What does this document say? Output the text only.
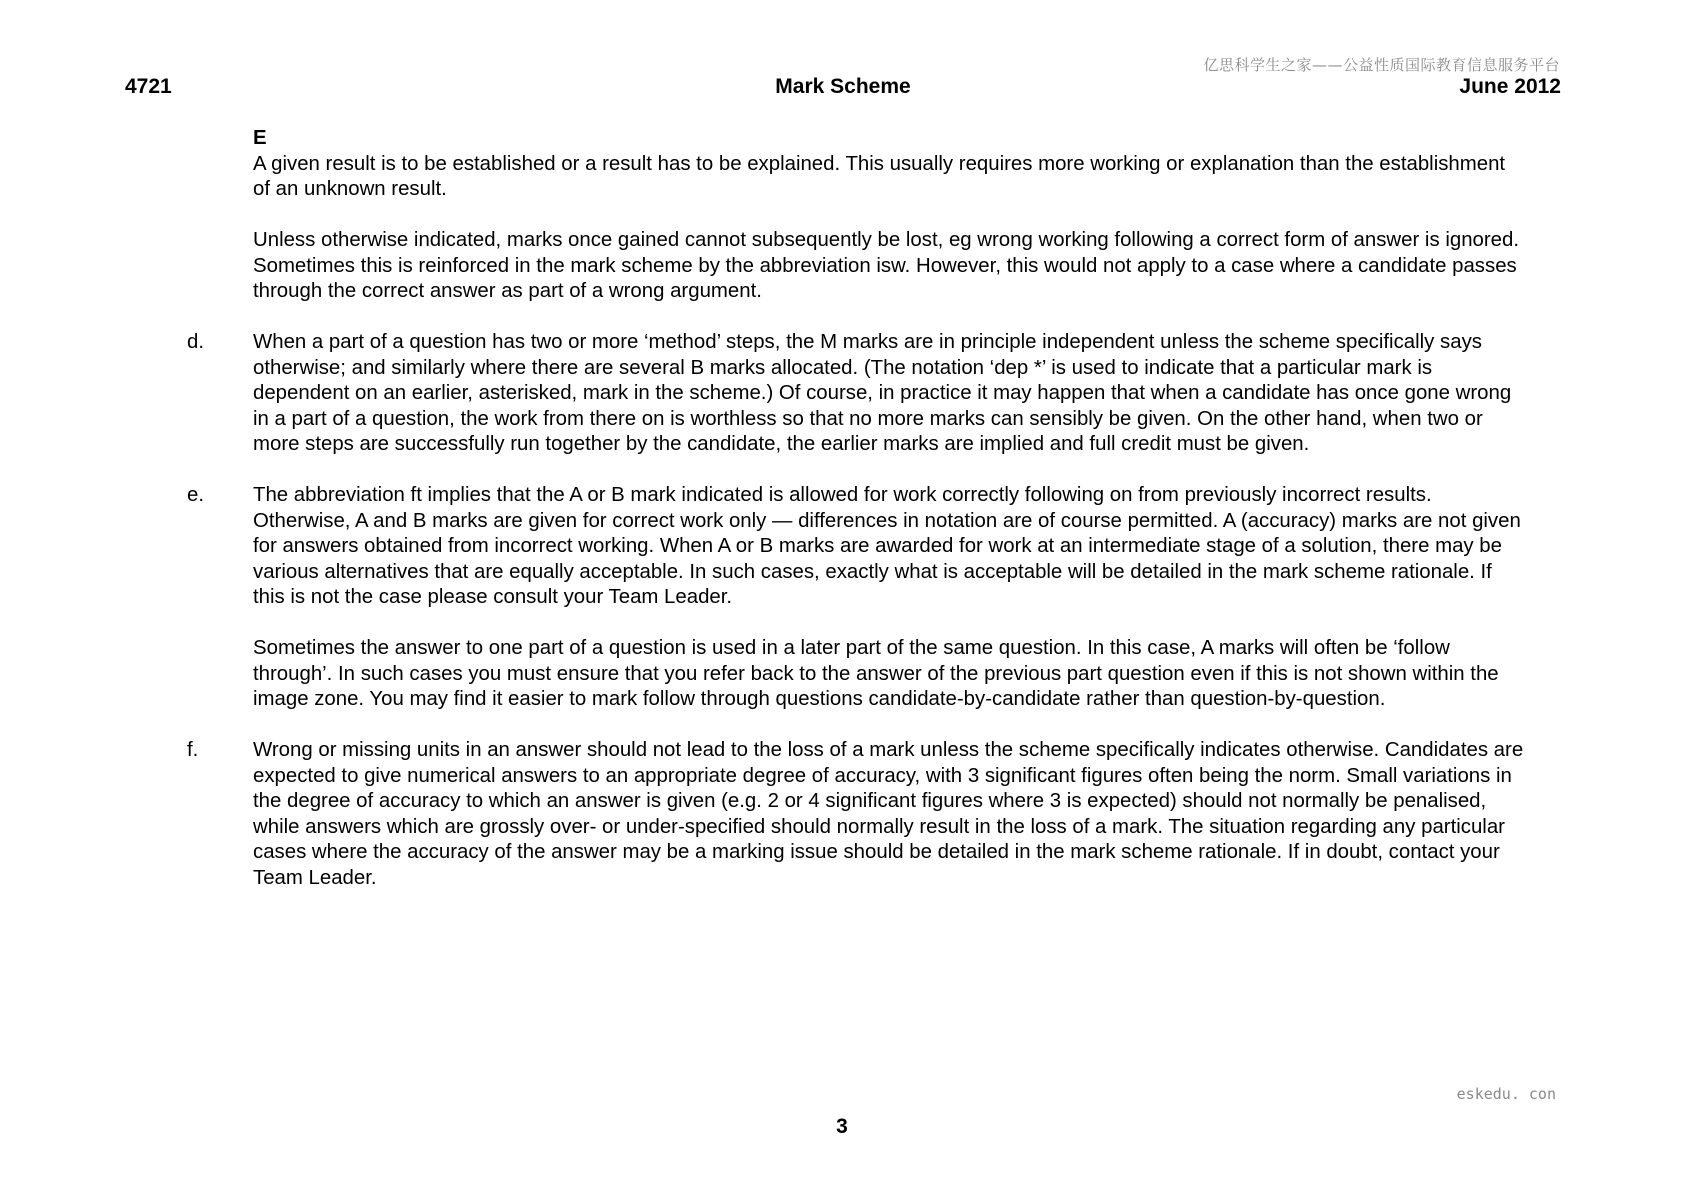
亿思科学生之家——公益性质国际教育信息服务平台
4721	Mark Scheme	June 2012

E

A given result is to be established or a result has to be explained. This usually requires more working or explanation than the establishment of an unknown result.

Unless otherwise indicated, marks once gained cannot subsequently be lost, eg wrong working following a correct form of answer is ignored. Sometimes this is reinforced in the mark scheme by the abbreviation isw. However, this would not apply to a case where a candidate passes through the correct answer as part of a wrong argument.

d. When a part of a question has two or more ‘method’ steps, the M marks are in principle independent unless the scheme specifically says otherwise; and similarly where there are several B marks allocated. (The notation ‘dep *’ is used to indicate that a particular mark is dependent on an earlier, asterisked, mark in the scheme.) Of course, in practice it may happen that when a candidate has once gone wrong in a part of a question, the work from there on is worthless so that no more marks can sensibly be given. On the other hand, when two or more steps are successfully run together by the candidate, the earlier marks are implied and full credit must be given.
e. The abbreviation ft implies that the A or B mark indicated is allowed for work correctly following on from previously incorrect results. Otherwise, A and B marks are given for correct work only — differences in notation are of course permitted. A (accuracy) marks are not given for answers obtained from incorrect working. When A or B marks are awarded for work at an intermediate stage of a solution, there may be various alternatives that are equally acceptable. In such cases, exactly what is acceptable will be detailed in the mark scheme rationale. If this is not the case please consult your Team Leader.

Sometimes the answer to one part of a question is used in a later part of the same question. In this case, A marks will often be ‘follow through’. In such cases you must ensure that you refer back to the answer of the previous part question even if this is not shown within the image zone. You may find it easier to mark follow through questions candidate-by-candidate rather than question-by-question.

f.	Wrong or missing units in an answer should not lead to the loss of a mark unless the scheme specifically indicates otherwise. Candidates are expected to give numerical answers to an appropriate degree of accuracy, with 3 significant figures often being the norm. Small variations in the degree of accuracy to which an answer is given (e.g. 2 or 4 significant figures where 3 is expected) should not normally be penalised, while answers which are grossly over- or under-specified should normally result in the loss of a mark. The situation regarding any particular cases where the accuracy of the answer may be a marking issue should be detailed in the mark scheme rationale. If in doubt, contact your Team Leader.
eskedu. con
3
